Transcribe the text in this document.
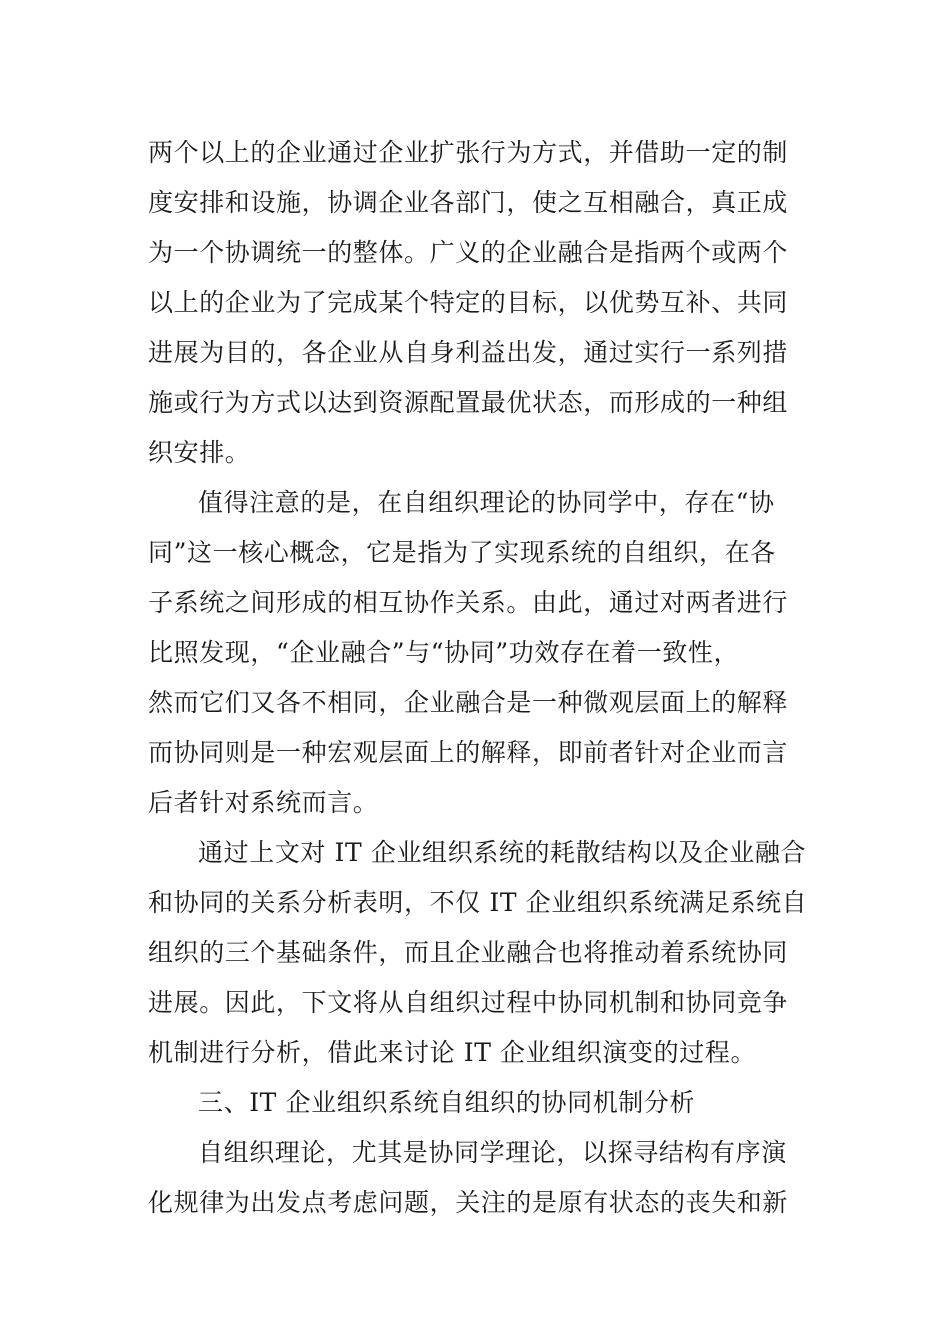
两个以上的企业通过企业扩张行为方式，并借助一定的制
度安排和设施，协调企业各部门，使之互相融合，真正成
为一个协调统一的整体。广义的企业融合是指两个或两个
以上的企业为了完成某个特定的目标，以优势互补、共同
进展为目的，各企业从自身利益出发，通过实行一系列措
施或行为方式以达到资源配置最优状态，而形成的一种组
织安排。
值得注意的是，在自组织理论的协同学中，存在“协
同”这一核心概念，它是指为了实现系统的自组织，在各
子系统之间形成的相互协作关系。由此，通过对两者进行
比照发现，“企业融合”与“协同”功效存在着一致性，
然而它们又各不相同，企业融合是一种微观层面上的解释
而协同则是一种宏观层面上的解释，即前者针对企业而言
后者针对系统而言。
通过上文对 IT 企业组织系统的耗散结构以及企业融合
和协同的关系分析表明，不仅 IT 企业组织系统满足系统自
组织的三个基础条件，而且企业融合也将推动着系统协同
进展。因此，下文将从自组织过程中协同机制和协同竞争
机制进行分析，借此来讨论 IT 企业组织演变的过程。
三、IT 企业组织系统自组织的协同机制分析
自组织理论，尤其是协同学理论，以探寻结构有序演
化规律为出发点考虑问题，关注的是原有状态的丧失和新
